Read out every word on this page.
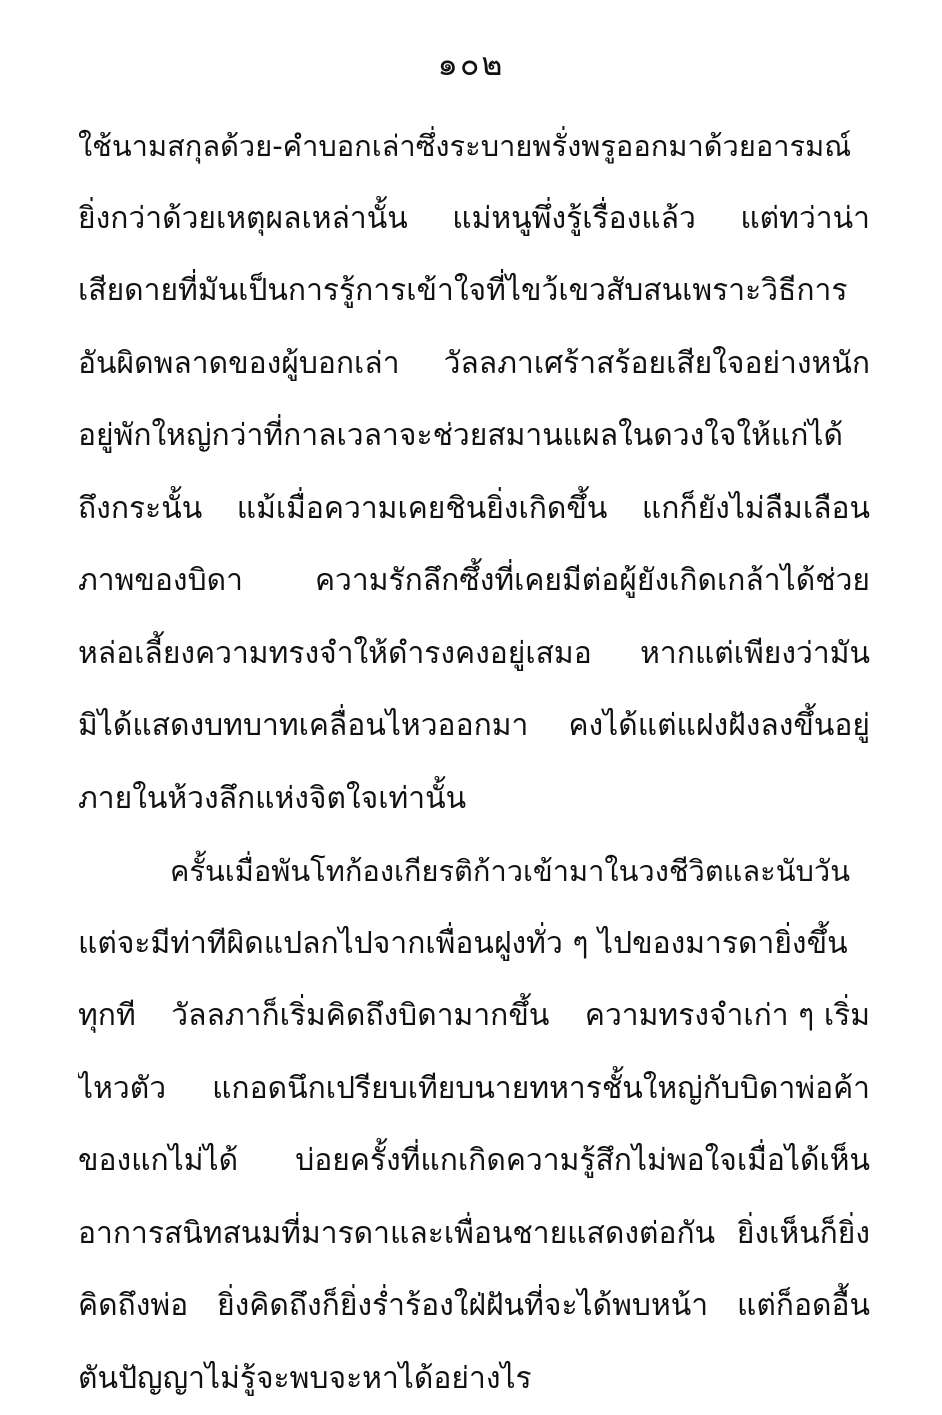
๑๐๒
ใช้นามสกุลด้วย-คำบอกเล่าซึ่งระบายพรั่งพรูออกมาด้วยอารมณ์
ยิ่งกว่าด้วยเหตุผลเหล่านั้น แม่หนูพึ่งรู้เรื่องแล้ว แต่ทว่าน่า
เสียดายที่มันเป็นการรู้การเข้าใจที่ไขว้เขวสับสนเพราะวิธีการ
อันผิดพลาดของผู้บอกเล่า วัลลภาเศร้าสร้อยเสียใจอย่างหนัก
อยู่พักใหญ่กว่าที่กาลเวลาจะช่วยสมานแผลในดวงใจให้แก่ได้
ถึงกระนั้น แม้เมื่อความเคยชินยิ่งเกิดขึ้น แกก็ยังไม่ลืมเลือน
ภาพของบิดา ความรักลึกซึ้งที่เคยมีต่อผู้ยังเกิดเกล้าได้ช่วย
หล่อเลี้ยงความทรงจำให้ดำรงคงอยู่เสมอ หากแต่เพียงว่ามัน
มิได้แสดงบทบาทเคลื่อนไหวออกมา คงได้แต่แฝงฝังลงขึ้นอยู่
ภายในห้วงลึกแห่งจิตใจเท่านั้น
ครั้นเมื่อพันโทก้องเกียรติก้าวเข้ามาในวงชีวิตและนับวัน
แต่จะมีท่าทีผิดแปลกไปจากเพื่อนฝูงทั่ว ๆ ไปของมารดายิ่งขึ้น
ทุกที วัลลภาก็เริ่มคิดถึงบิดามากขึ้น ความทรงจำเก่า ๆ เริ่ม
ไหวตัว แกอดนึกเปรียบเทียบนายทหารชั้นใหญ่กับบิดาพ่อค้า
ของแกไม่ได้ บ่อยครั้งที่แกเกิดความรู้สึกไม่พอใจเมื่อได้เห็น
อาการสนิทสนมที่มารดาและเพื่อนชายแสดงต่อกัน ยิ่งเห็นก็ยิ่ง
คิดถึงพ่อ ยิ่งคิดถึงก็ยิ่งร่ำร้องใฝ่ฝันที่จะได้พบหน้า แต่ก็อดอื้น
ตันปัญญาไม่รู้จะพบจะหาได้อย่างไร
